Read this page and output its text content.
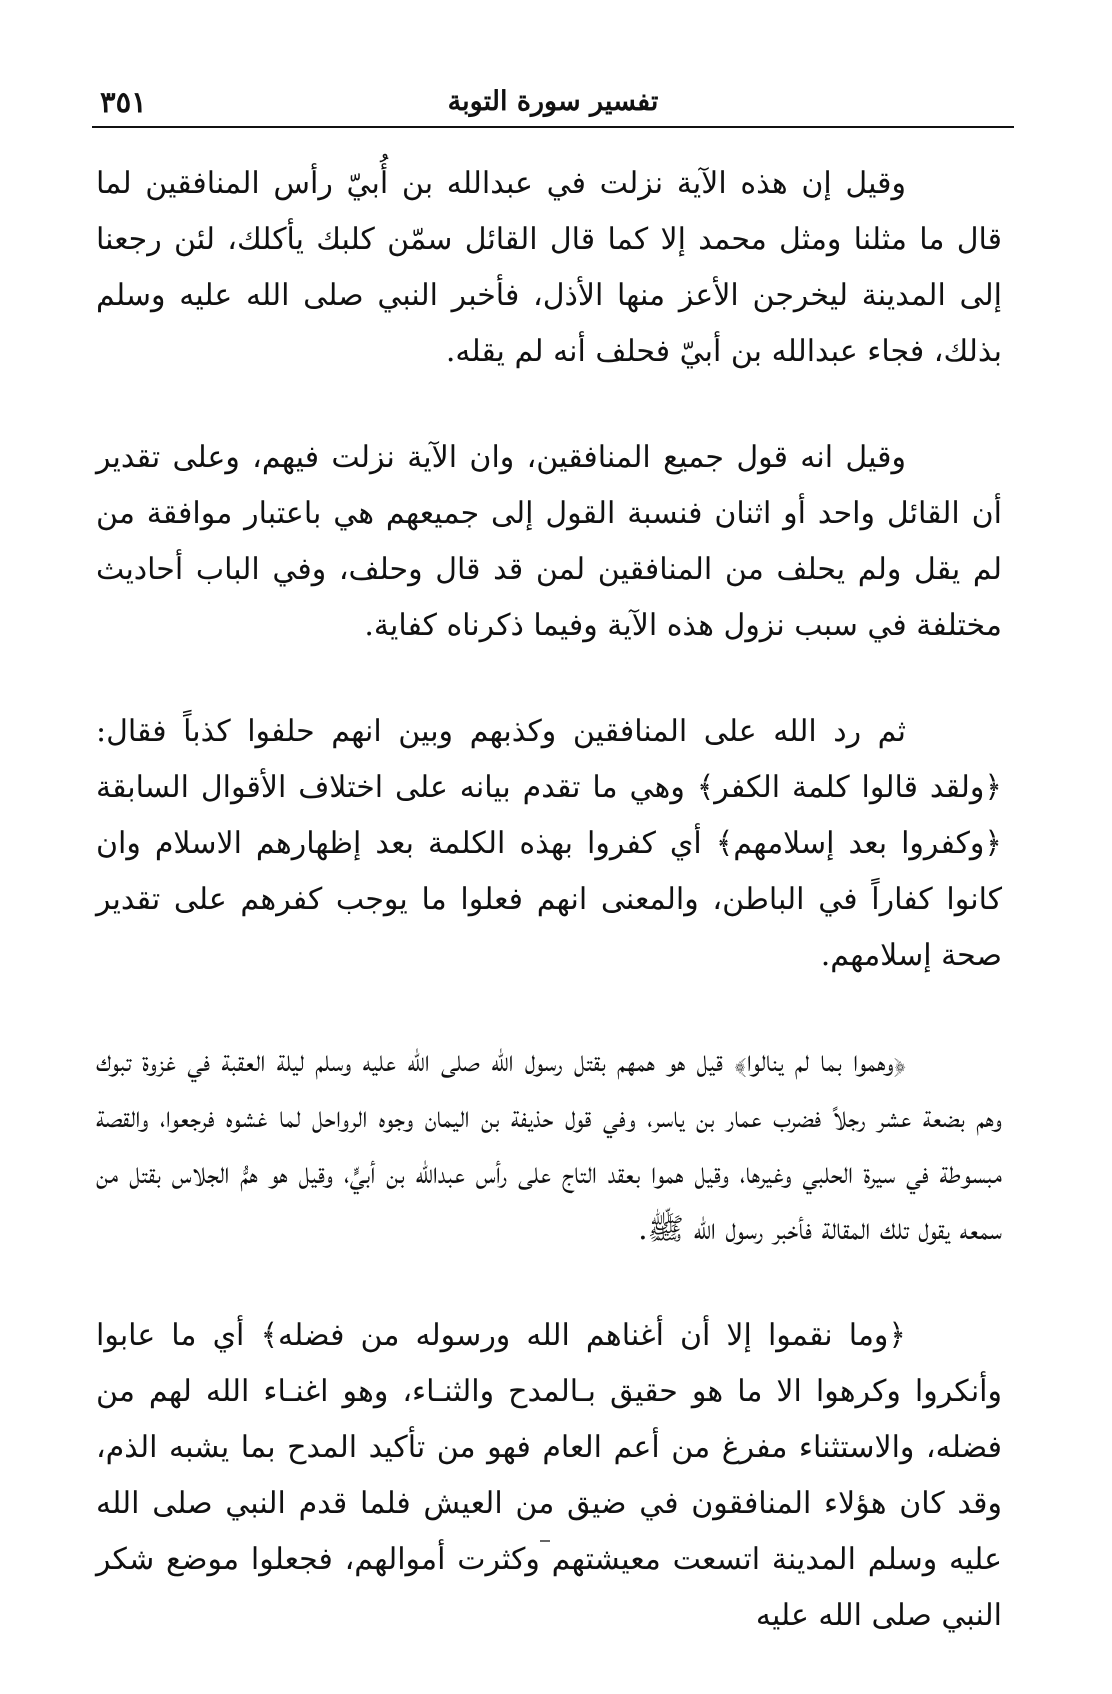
تفسير سورة التوبة
٣٥١

وقيل إن هذه الآية نزلت في عبدالله بن أُبيّ رأس المنافقين لما قال ما مثلنا ومثل محمد إلا كما قال القائل سمّن كلبك يأكلك، لئن رجعنا إلى المدينة ليخرجن الأعز منها الأذل، فأخبر النبي صلى الله عليه وسلم بذلك، فجاء عبدالله بن أبيّ فحلف أنه لم يقله.

وقيل انه قول جميع المنافقين، وان الآية نزلت فيهم، وعلى تقدير أن القائل واحد أو اثنان فنسبة القول إلى جميعهم هي باعتبار موافقة من لم يقل ولم يحلف من المنافقين لمن قد قال وحلف، وفي الباب أحاديث مختلفة في سبب نزول هذه الآية وفيما ذكرناه كفاية.

ثم رد الله على المنافقين وكذبهم وبين انهم حلفوا كذباً فقال: ﴿ولقد قالوا كلمة الكفر﴾ وهي ما تقدم بيانه على اختلاف الأقوال السابقة ﴿وكفروا بعد إسلامهم﴾ أي كفروا بهذه الكلمة بعد إظهارهم الاسلام وان كانوا كفاراً في الباطن، والمعنى انهم فعلوا ما يوجب كفرهم على تقدير صحة إسلامهم.

﴿وهموا بما لم ينالوا﴾ قيل هو همهم بقتل رسول الله صلى الله عليه وسلم ليلة العقبة في غزوة تبوك وهم بضعة عشر رجلاً فضرب عمار بن ياسر، وفي قول حذيفة بن اليمان وجوه الرواحل لما غشوه فرجعوا، والقصة مبسوطة في سيرة الحلبي وغيرها، وقيل هموا بعقد التاج على رأس عبدالله بن أبيٍّ، وقيل هو همُّ الجلاس بقتل من سمعه يقول تلك المقالة فأخبر رسول الله ﷺ.

﴿وما نقموا إلا أن أغناهم الله ورسوله من فضله﴾ أي ما عابوا وأنكروا وكرهوا الا ما هو حقيق بـالمدح والثنـاء، وهو اغنـاء الله لهم من فضله، والاستثناء مفرغ من أعم العام فهو من تأكيد المدح بما يشبه الذم، وقد كان هؤلاء المنافقون في ضيق من العيش فلما قدم النبي صلى الله عليه وسلم المدينة اتسعت معيشتهم وكثرت أموالهم، فجعلوا موضع شكر النبي صلى الله عليه
